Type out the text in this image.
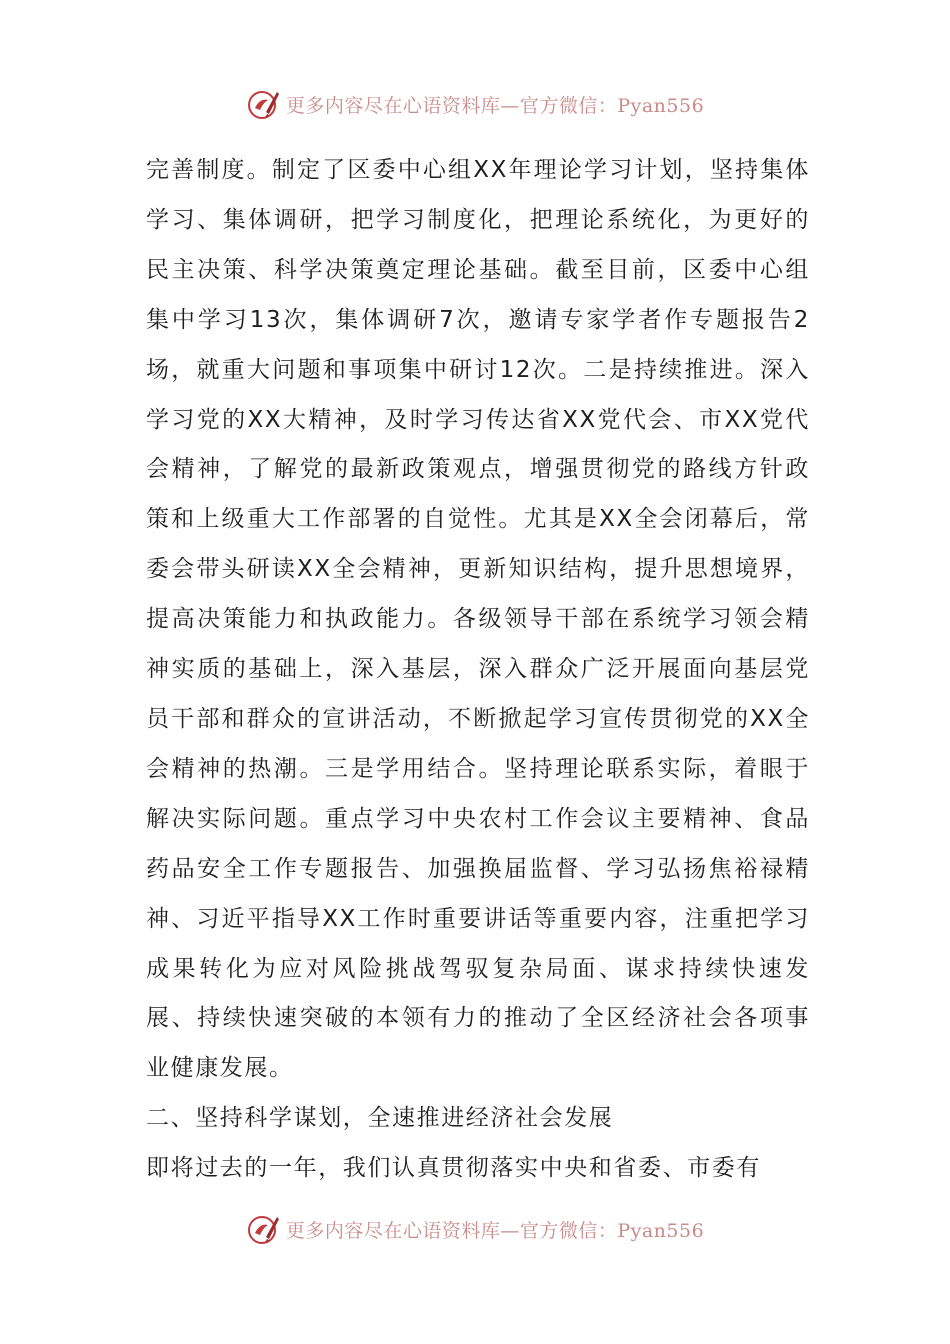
更多内容尽在心语资料库—官方微信：Pyan556

完善制度。制定了区委中心组XX年理论学习计划，坚持集体学习、集体调研，把学习制度化，把理论系统化，为更好的民主决策、科学决策奠定理论基础。截至目前，区委中心组集中学习13次，集体调研7次，邀请专家学者作专题报告2场，就重大问题和事项集中研讨12次。二是持续推进。深入学习党的XX大精神，及时学习传达省XX党代会、市XX党代会精神，了解党的最新政策观点，增强贯彻党的路线方针政策和上级重大工作部署的自觉性。尤其是XX全会闭幕后，常委会带头研读XX全会精神，更新知识结构，提升思想境界，提高决策能力和执政能力。各级领导干部在系统学习领会精神实质的基础上，深入基层，深入群众广泛开展面向基层党员干部和群众的宣讲活动，不断掀起学习宣传贯彻党的XX全会精神的热潮。三是学用结合。坚持理论联系实际，着眼于解决实际问题。重点学习中央农村工作会议主要精神、食品药品安全工作专题报告、加强换届监督、学习弘扬焦裕禄精神、习近平指导XX工作时重要讲话等重要内容，注重把学习成果转化为应对风险挑战驾驭复杂局面、谋求持续快速发展、持续快速突破的本领有力的推动了全区经济社会各项事业健康发展。

二、坚持科学谋划，全速推进经济社会发展

即将过去的一年，我们认真贯彻落实中央和省委、市委有

更多内容尽在心语资料库—官方微信：Pyan556
